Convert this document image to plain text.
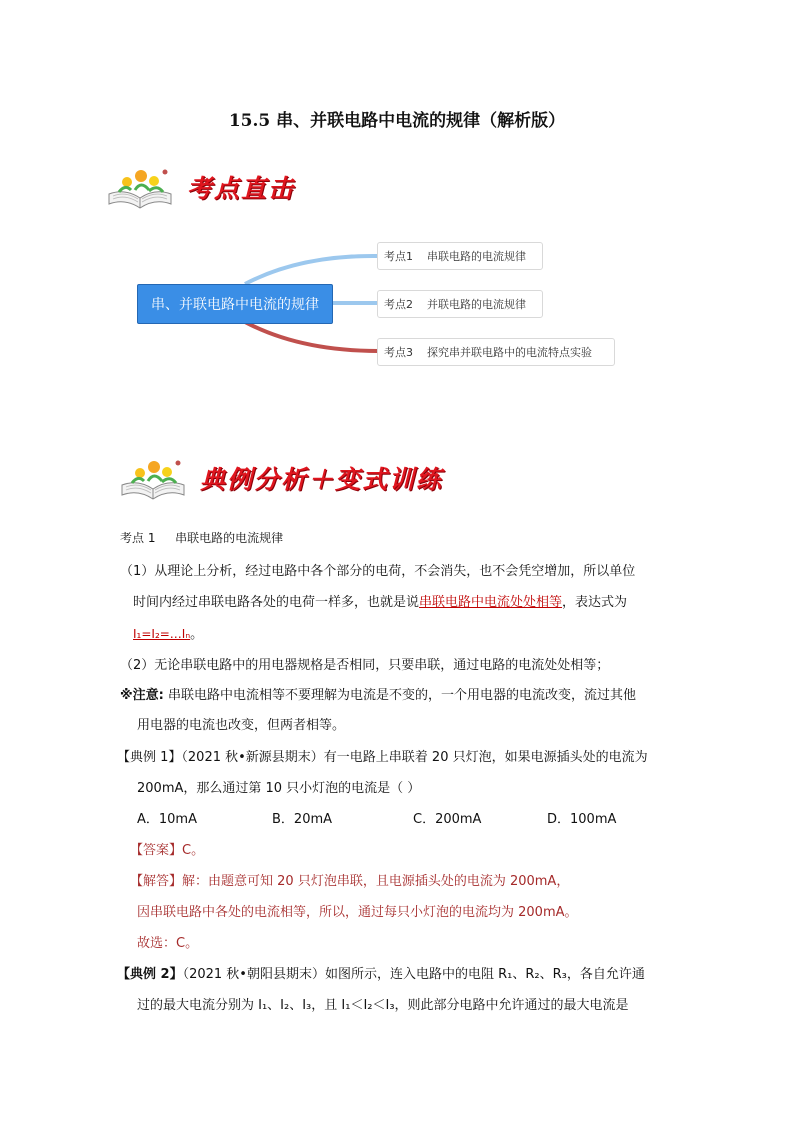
15.5 串、并联电路中电流的规律（解析版）
考点直击
串、并联电路中电流的规律
考点1 串联电路的电流规律
考点2 并联电路的电流规律
考点3 探究串并联电路中的电流特点实验
典例分析＋变式训练
考点 1 串联电路的电流规律
（1）从理论上分析，经过电路中各个部分的电荷，不会消失，也不会凭空增加，所以单位
时间内经过串联电路各处的电荷一样多，也就是说串联电路中电流处处相等，表达式为
I₁=I₂=…Iₙ。
（2）无论串联电路中的用电器规格是否相同，只要串联，通过电路的电流处处相等；
※注意: 串联电路中电流相等不要理解为电流是不变的，一个用电器的电流改变，流过其他
用电器的电流也改变，但两者相等。
【典例 1】（2021 秋•新源县期末）有一电路上串联着 20 只灯泡，如果电源插头处的电流为
200mA，那么通过第 10 只小灯泡的电流是（ ）
A．10mA	B．20mA	C．200mA	D．100mA
【答案】C。
【解答】解：由题意可知 20 只灯泡串联，且电源插头处的电流为 200mA，
因串联电路中各处的电流相等，所以，通过每只小灯泡的电流均为 200mA。
故选：C。
【典例 2】（2021 秋•朝阳县期末）如图所示，连入电路中的电阻 R₁、R₂、R₃，各自允许通
过的最大电流分别为 I₁、I₂、I₃，且 I₁＜I₂＜I₃，则此部分电路中允许通过的最大电流是
